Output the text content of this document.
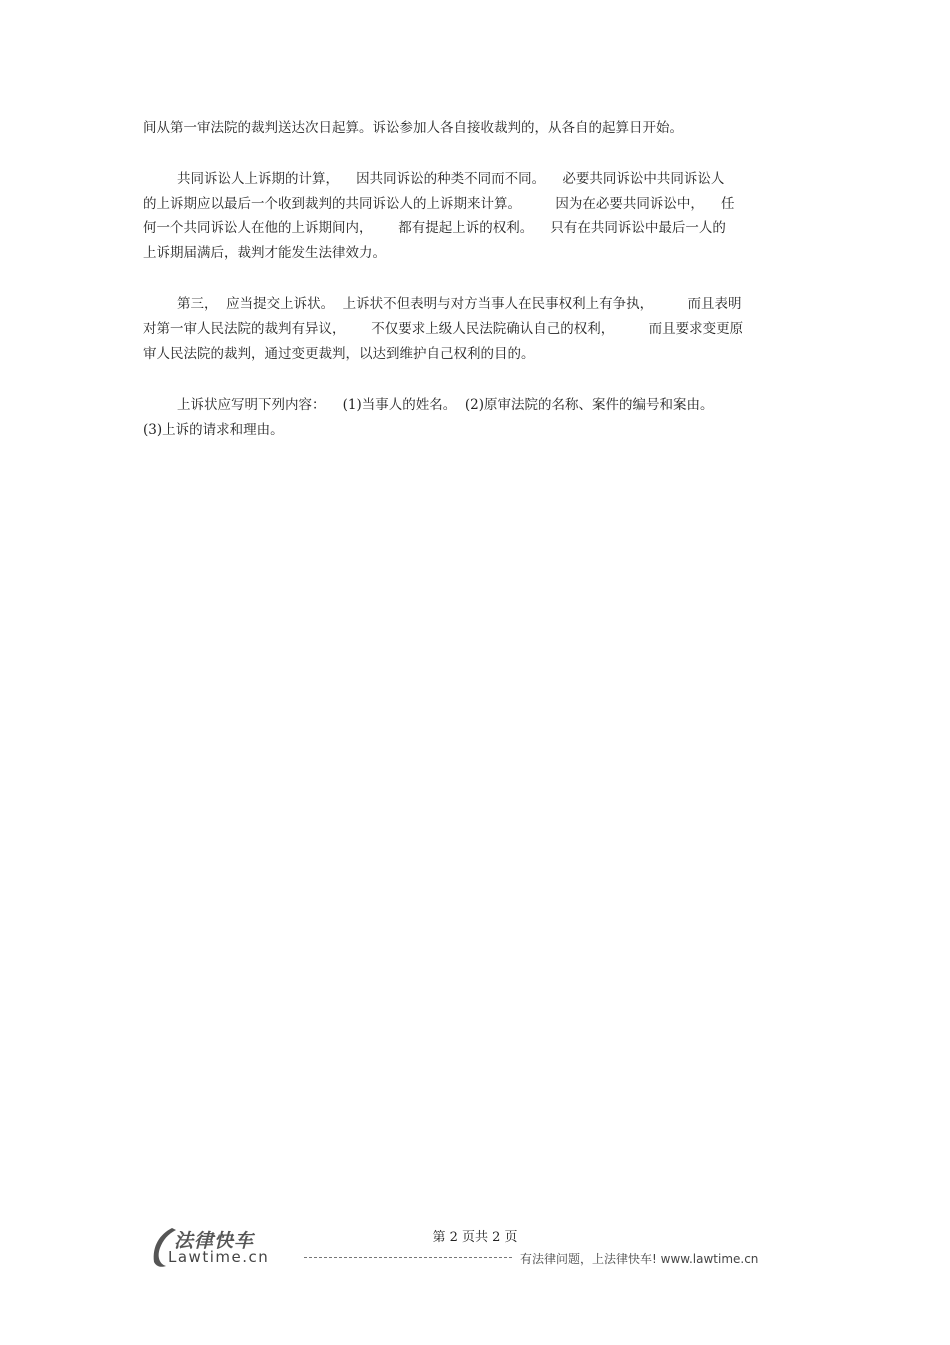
间从第一审法院的裁判送达次日起算。诉讼参加人各自接收裁判的，从各自的起算日开始。
共同诉讼人上诉期的计算，    因共同诉讼的种类不同而不同。    必要共同诉讼中共同诉讼人
的上诉期应以最后一个收到裁判的共同诉讼人的上诉期来计算。        因为在必要共同诉讼中，    任
何一个共同诉讼人在他的上诉期间内，      都有提起上诉的权利。    只有在共同诉讼中最后一人的
上诉期届满后，裁判才能发生法律效力。
第三，  应当提交上诉状。  上诉状不但表明与对方当事人在民事权利上有争执，        而且表明
对第一审人民法院的裁判有异议，      不仅要求上级人民法院确认自己的权利，        而且要求变更原
审人民法院的裁判，通过变更裁判，以达到维护自己权利的目的。
上诉状应写明下列内容：    (1)当事人的姓名。  (2)原审法院的名称、案件的编号和案由。
(3)上诉的请求和理由。
第 2 页共 2 页
法律快车
Lawtime.cn	有法律问题，上法律快车! www.lawtime.cn
